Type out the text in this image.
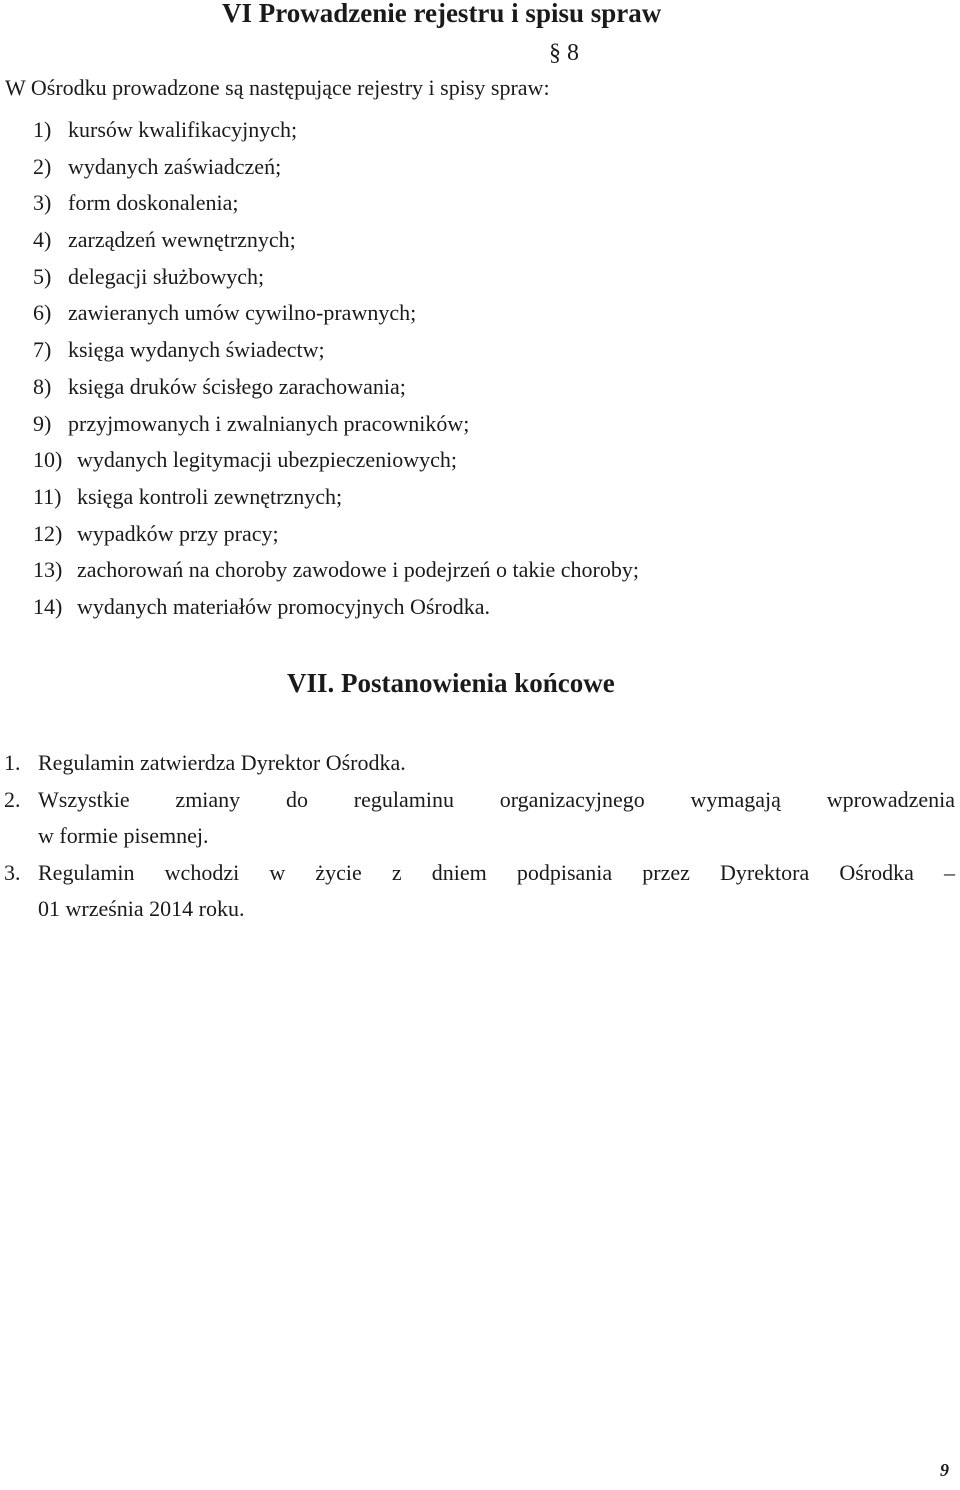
VI Prowadzenie rejestru i spisu spraw
§ 8
W Ośrodku prowadzone są następujące rejestry i spisy spraw:
1) kursów kwalifikacyjnych;
2) wydanych zaświadczeń;
3) form doskonalenia;
4) zarządzeń wewnętrznych;
5) delegacji służbowych;
6) zawieranych umów cywilno-prawnych;
7) księga wydanych świadectw;
8) księga druków ścisłego zarachowania;
9) przyjmowanych i zwalnianych pracowników;
10) wydanych legitymacji ubezpieczeniowych;
11) księga kontroli zewnętrznych;
12) wypadków przy pracy;
13) zachorowań na choroby zawodowe i podejrzeń o takie choroby;
14) wydanych materiałów promocyjnych Ośrodka.
VII. Postanowienia końcowe
1. Regulamin zatwierdza Dyrektor Ośrodka.
2. Wszystkie zmiany do regulaminu organizacyjnego wymagają wprowadzenia
w formie pisemnej.
3. Regulamin wchodzi w życie z dniem podpisania przez Dyrektora Ośrodka –
01 września 2014 roku.
9
